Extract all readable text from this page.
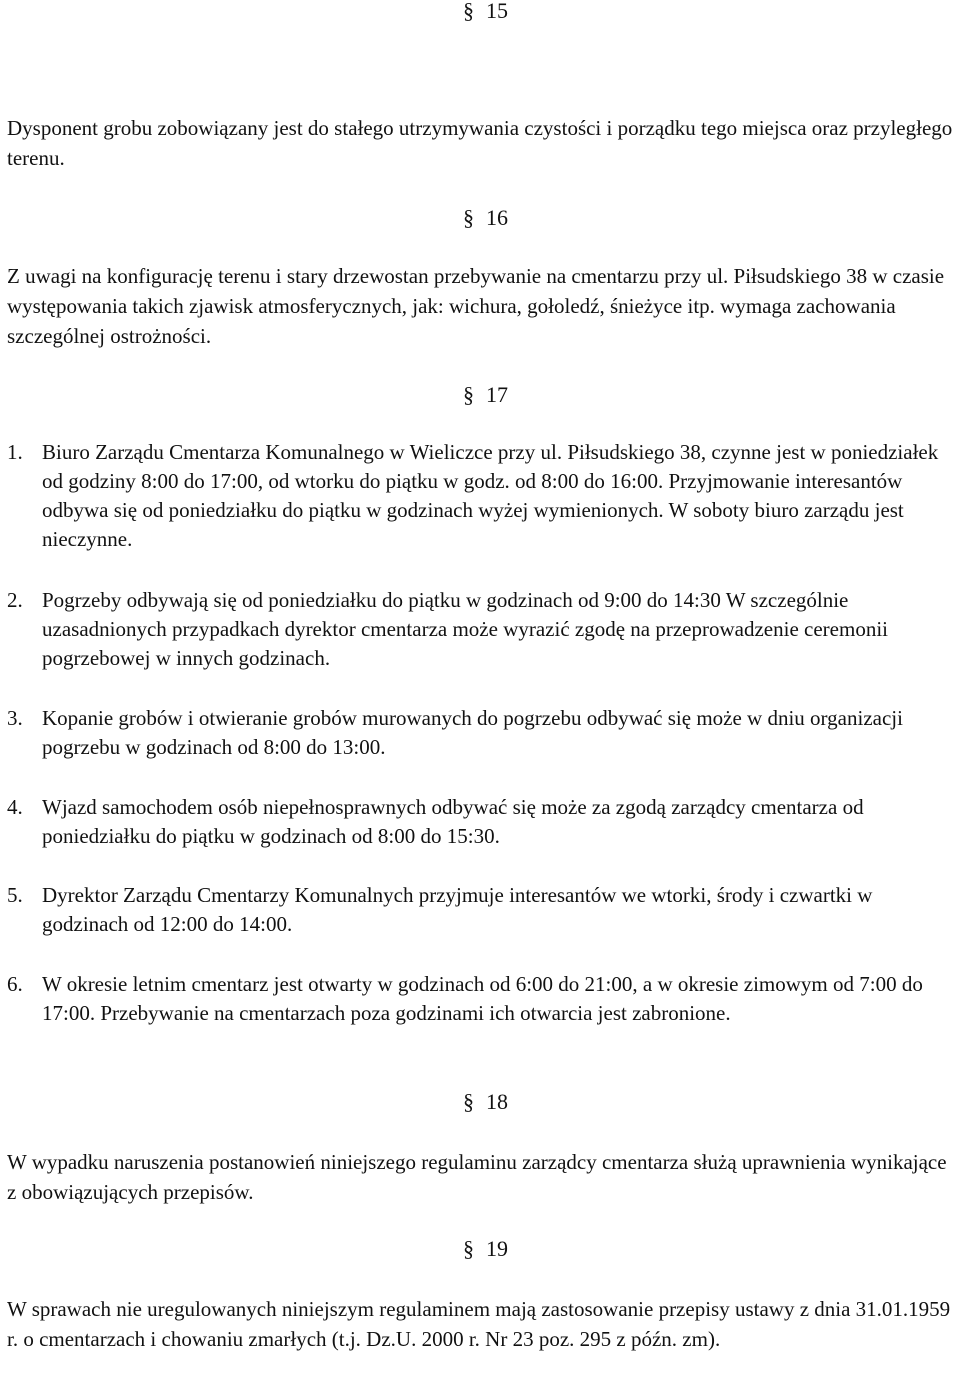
§ 15
Dysponent grobu zobowiązany jest do stałego utrzymywania czystości i porządku tego miejsca oraz przyległego terenu.
§ 16
Z uwagi na konfigurację terenu i stary drzewostan przebywanie na cmentarzu przy ul. Piłsudskiego 38 w czasie występowania takich zjawisk atmosferycznych, jak: wichura, gołoledź, śnieżyce itp. wymaga zachowania szczególnej ostrożności.
§ 17
1. Biuro Zarządu Cmentarza Komunalnego w Wieliczce przy ul. Piłsudskiego 38, czynne jest w poniedziałek od godziny 8:00 do 17:00, od wtorku do piątku w godz. od 8:00 do 16:00. Przyjmowanie interesantów odbywa się od poniedziałku do piątku w godzinach wyżej wymienionych. W soboty biuro zarządu jest nieczynne.
2. Pogrzeby odbywają się od poniedziałku do piątku w godzinach od 9:00 do 14:30 W szczególnie uzasadnionych przypadkach dyrektor cmentarza może wyrazić zgodę na przeprowadzenie ceremonii pogrzebowej w innych godzinach.
3. Kopanie grobów i otwieranie grobów murowanych do pogrzebu odbywać się może w dniu organizacji pogrzebu w godzinach od 8:00 do 13:00.
4. Wjazd samochodem osób niepełnosprawnych odbywać się może za zgodą zarządcy cmentarza od poniedziałku do piątku w godzinach od 8:00 do 15:30.
5. Dyrektor Zarządu Cmentarzy Komunalnych przyjmuje interesantów we wtorki, środy i czwartki w godzinach od 12:00 do 14:00.
6. W okresie letnim cmentarz jest otwarty w godzinach od 6:00 do 21:00, a w okresie zimowym od 7:00 do 17:00. Przebywanie na cmentarzach poza godzinami ich otwarcia jest zabronione.
§ 18
W wypadku naruszenia postanowień niniejszego regulaminu zarządcy cmentarza służą uprawnienia wynikające z obowiązujących przepisów.
§ 19
W sprawach nie uregulowanych niniejszym regulaminem mają zastosowanie przepisy ustawy z dnia 31.01.1959 r. o cmentarzach i chowaniu zmarłych (t.j. Dz.U. 2000 r. Nr 23 poz. 295 z późn. zm).
